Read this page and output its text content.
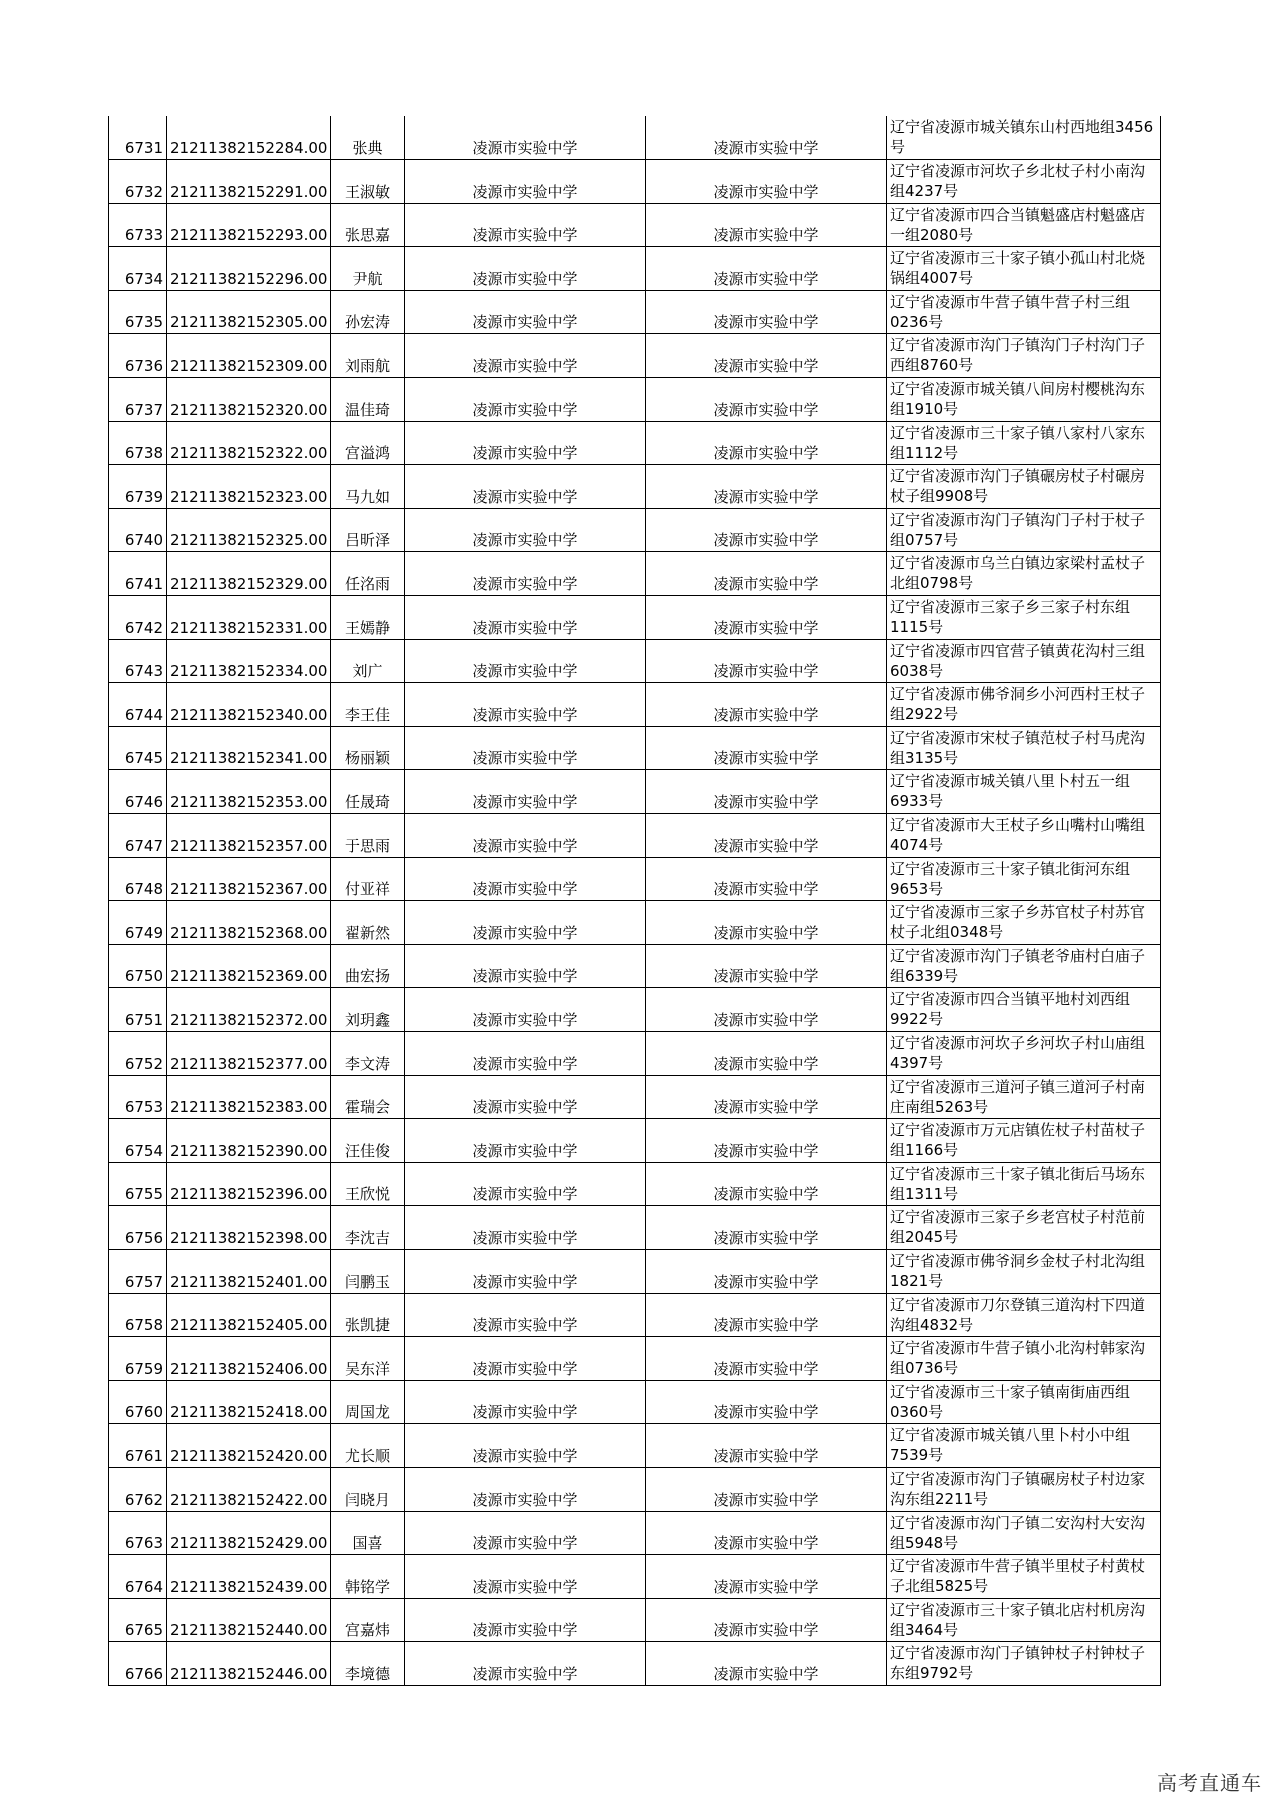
6731	21211382152284.00	张典	凌源市实验中学	凌源市实验中学	辽宁省凌源市城关镇东山村西地组3456号
6732	21211382152291.00	王淑敏	凌源市实验中学	凌源市实验中学	辽宁省凌源市河坎子乡北杖子村小南沟组4237号
6733	21211382152293.00	张思嘉	凌源市实验中学	凌源市实验中学	辽宁省凌源市四合当镇魁盛店村魁盛店一组2080号
6734	21211382152296.00	尹航	凌源市实验中学	凌源市实验中学	辽宁省凌源市三十家子镇小孤山村北烧锅组4007号
6735	21211382152305.00	孙宏涛	凌源市实验中学	凌源市实验中学	辽宁省凌源市牛营子镇牛营子村三组0236号
6736	21211382152309.00	刘雨航	凌源市实验中学	凌源市实验中学	辽宁省凌源市沟门子镇沟门子村沟门子西组8760号
6737	21211382152320.00	温佳琦	凌源市实验中学	凌源市实验中学	辽宁省凌源市城关镇八间房村樱桃沟东组1910号
6738	21211382152322.00	宫溢鸿	凌源市实验中学	凌源市实验中学	辽宁省凌源市三十家子镇八家村八家东组1112号
6739	21211382152323.00	马九如	凌源市实验中学	凌源市实验中学	辽宁省凌源市沟门子镇碾房杖子村碾房杖子组9908号
6740	21211382152325.00	吕昕泽	凌源市实验中学	凌源市实验中学	辽宁省凌源市沟门子镇沟门子村于杖子组0757号
6741	21211382152329.00	任洺雨	凌源市实验中学	凌源市实验中学	辽宁省凌源市乌兰白镇边家梁村孟杖子北组0798号
6742	21211382152331.00	王嫣静	凌源市实验中学	凌源市实验中学	辽宁省凌源市三家子乡三家子村东组1115号
6743	21211382152334.00	刘广	凌源市实验中学	凌源市实验中学	辽宁省凌源市四官营子镇黄花沟村三组6038号
6744	21211382152340.00	李王佳	凌源市实验中学	凌源市实验中学	辽宁省凌源市佛爷洞乡小河西村王杖子组2922号
6745	21211382152341.00	杨丽颖	凌源市实验中学	凌源市实验中学	辽宁省凌源市宋杖子镇范杖子村马虎沟组3135号
6746	21211382152353.00	任晟琦	凌源市实验中学	凌源市实验中学	辽宁省凌源市城关镇八里卜村五一组6933号
6747	21211382152357.00	于思雨	凌源市实验中学	凌源市实验中学	辽宁省凌源市大王杖子乡山嘴村山嘴组4074号
6748	21211382152367.00	付亚祥	凌源市实验中学	凌源市实验中学	辽宁省凌源市三十家子镇北街河东组9653号
6749	21211382152368.00	翟新然	凌源市实验中学	凌源市实验中学	辽宁省凌源市三家子乡苏官杖子村苏官杖子北组0348号
6750	21211382152369.00	曲宏扬	凌源市实验中学	凌源市实验中学	辽宁省凌源市沟门子镇老爷庙村白庙子组6339号
6751	21211382152372.00	刘玥鑫	凌源市实验中学	凌源市实验中学	辽宁省凌源市四合当镇平地村刘西组9922号
6752	21211382152377.00	李文涛	凌源市实验中学	凌源市实验中学	辽宁省凌源市河坎子乡河坎子村山庙组4397号
6753	21211382152383.00	霍瑞会	凌源市实验中学	凌源市实验中学	辽宁省凌源市三道河子镇三道河子村南庄南组5263号
6754	21211382152390.00	汪佳俊	凌源市实验中学	凌源市实验中学	辽宁省凌源市万元店镇佐杖子村苗杖子组1166号
6755	21211382152396.00	王欣悦	凌源市实验中学	凌源市实验中学	辽宁省凌源市三十家子镇北街后马场东组1311号
6756	21211382152398.00	李沈吉	凌源市实验中学	凌源市实验中学	辽宁省凌源市三家子乡老宫杖子村范前组2045号
6757	21211382152401.00	闫鹏玉	凌源市实验中学	凌源市实验中学	辽宁省凌源市佛爷洞乡金杖子村北沟组1821号
6758	21211382152405.00	张凯捷	凌源市实验中学	凌源市实验中学	辽宁省凌源市刀尔登镇三道沟村下四道沟组4832号
6759	21211382152406.00	吴东洋	凌源市实验中学	凌源市实验中学	辽宁省凌源市牛营子镇小北沟村韩家沟组0736号
6760	21211382152418.00	周国龙	凌源市实验中学	凌源市实验中学	辽宁省凌源市三十家子镇南街庙西组0360号
6761	21211382152420.00	尤长顺	凌源市实验中学	凌源市实验中学	辽宁省凌源市城关镇八里卜村小中组7539号
6762	21211382152422.00	闫晓月	凌源市实验中学	凌源市实验中学	辽宁省凌源市沟门子镇碾房杖子村边家沟东组2211号
6763	21211382152429.00	国喜	凌源市实验中学	凌源市实验中学	辽宁省凌源市沟门子镇二安沟村大安沟组5948号
6764	21211382152439.00	韩铭学	凌源市实验中学	凌源市实验中学	辽宁省凌源市牛营子镇半里杖子村黄杖子北组5825号
6765	21211382152440.00	宫嘉炜	凌源市实验中学	凌源市实验中学	辽宁省凌源市三十家子镇北店村机房沟组3464号
6766	21211382152446.00	李境德	凌源市实验中学	凌源市实验中学	辽宁省凌源市沟门子镇钟杖子村钟杖子东组9792号
高考直通车
